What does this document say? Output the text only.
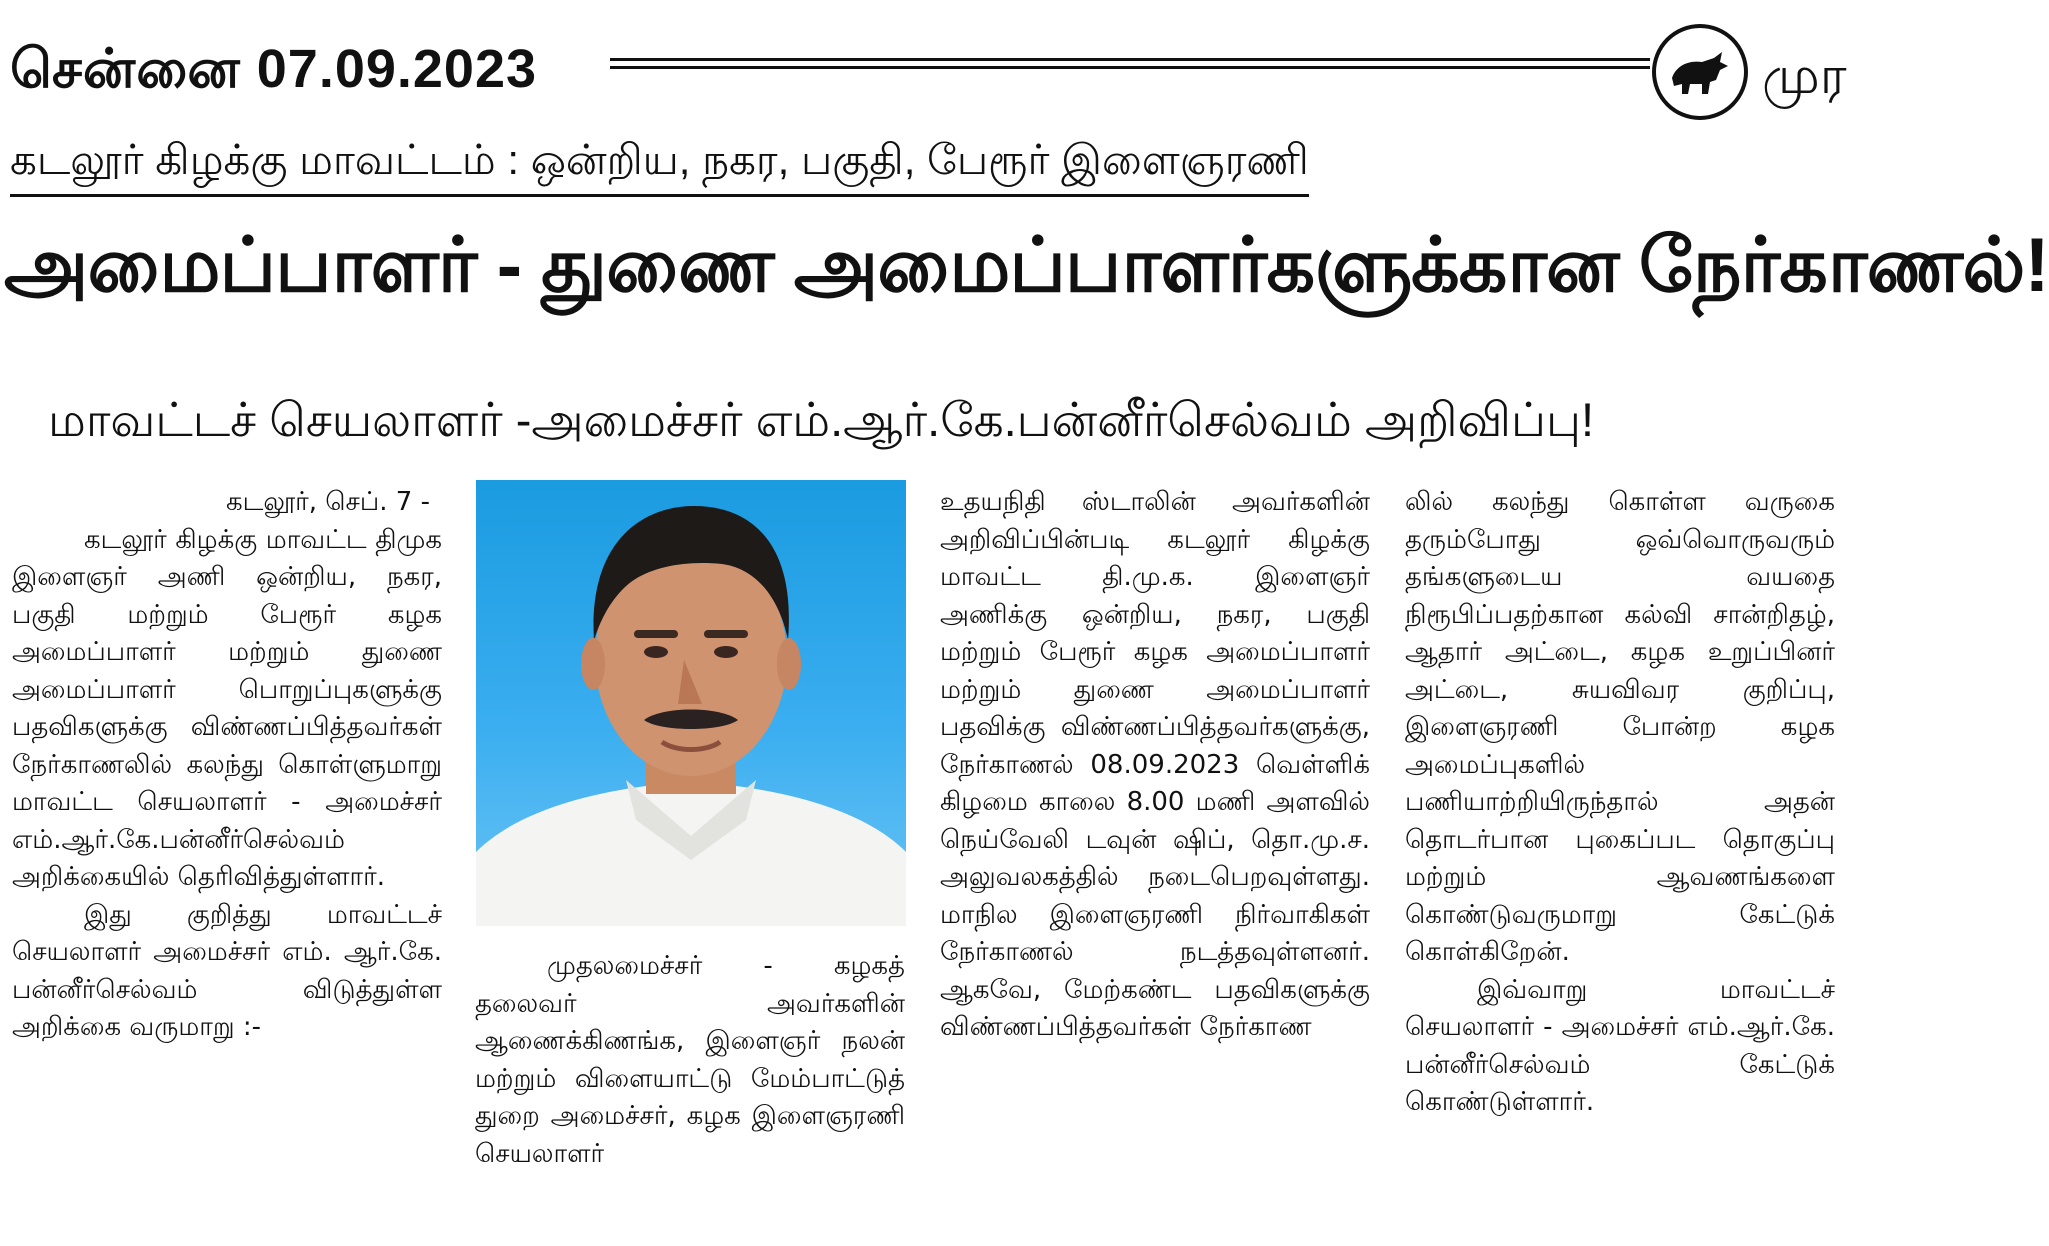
சென்னை 07.09.2023	முர
கடலூர் கிழக்கு மாவட்டம் : ஒன்றிய, நகர, பகுதி, பேரூர் இளைஞரணி
அமைப்பாளர் - துணை அமைப்பாளர்களுக்கான நேர்காணல்!
மாவட்டச் செயலாளர் -அமைச்சர் எம்.ஆர்.கே.பன்னீர்செல்வம் அறிவிப்பு!

கடலூர், செப். 7 -

கடலூர் கிழக்கு மாவட்ட திமுக இளைஞர் அணி ஒன்றிய, நகர, பகுதி மற்றும் பேரூர் கழக அமைப்பாளர் மற்றும் துணை அமைப்பாளர் பொறுப்புகளுக்கு பதவிகளுக்கு விண்ணப்பித்தவர்கள் நேர்காணலில் கலந்து கொள்ளுமாறு மாவட்ட செயலாளர் - அமைச்சர் எம்.ஆர்.கே.பன்னீர்செல்வம் அறிக்கையில் தெரிவித்துள்ளார்.

இது குறித்து மாவட்டச் செயலாளர் அமைச்சர் எம். ஆர்.கே. பன்னீர்செல்வம் விடுத்துள்ள அறிக்கை வருமாறு :-

முதலமைச்சர் - கழகத் தலைவர் அவர்களின் ஆணைக்கிணங்க, இளைஞர் நலன் மற்றும் விளையாட்டு மேம்பாட்டுத் துறை அமைச்சர், கழக இளைஞரணி செயலாளர்

உதயநிதி ஸ்டாலின் அவர்களின் அறிவிப்பின்படி கடலூர் கிழக்கு மாவட்ட தி.மு.க. இளைஞர் அணிக்கு ஒன்றிய, நகர, பகுதி மற்றும் பேரூர் கழக அமைப்பாளர் மற்றும் துணை அமைப்பாளர் பதவிக்கு விண்ணப்பித்தவர்களுக்கு, நேர்காணல் 08.09.2023 வெள்ளிக் கிழமை காலை 8.00 மணி அளவில் நெய்வேலி டவுன் ஷிப், தொ.மு.ச. அலுவலகத்தில் நடைபெறவுள்ளது. மாநில இளைஞரணி நிர்வாகிகள் நேர்காணல் நடத்தவுள்ளனர். ஆகவே, மேற்கண்ட பதவிகளுக்கு விண்ணப்பித்தவர்கள் நேர்காண

லில் கலந்து கொள்ள வருகை தரும்போது ஒவ்வொருவரும் தங்களுடைய வயதை நிரூபிப்பதற்கான கல்வி சான்றிதழ், ஆதார் அட்டை, கழக உறுப்பினர் அட்டை, சுயவிவர குறிப்பு, இளைஞரணி போன்ற கழக அமைப்புகளில் பணியாற்றியிருந்தால் அதன் தொடர்பான புகைப்பட தொகுப்பு மற்றும் ஆவணங்களை கொண்டுவருமாறு கேட்டுக் கொள்கிறேன்.

இவ்வாறு மாவட்டச் செயலாளர் - அமைச்சர் எம்.ஆர்.கே. பன்னீர்செல்வம் கேட்டுக் கொண்டுள்ளார்.
